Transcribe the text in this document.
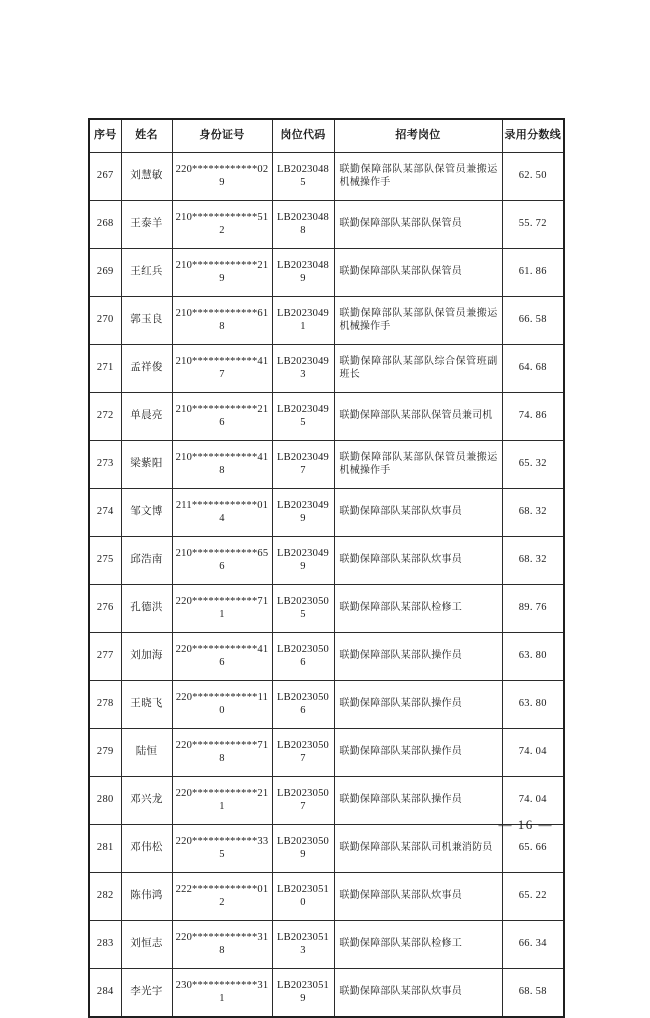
序号	姓名	身份证号	岗位代码	招考岗位	录用分数线
267	刘慧敏	220************029	LB20230485	联勤保障部队某部队保管员兼搬运机械操作手	62. 50
268	王泰羊	210************512	LB20230488	联勤保障部队某部队保管员	55. 72
269	王红兵	210************219	LB20230489	联勤保障部队某部队保管员	61. 86
270	郭玉良	210************618	LB20230491	联勤保障部队某部队保管员兼搬运机械操作手	66. 58
271	孟祥俊	210************417	LB20230493	联勤保障部队某部队综合保管班副班长	64. 68
272	单晨亮	210************216	LB20230495	联勤保障部队某部队保管员兼司机	74. 86
273	梁紫阳	210************418	LB20230497	联勤保障部队某部队保管员兼搬运机械操作手	65. 32
274	邹文博	211************014	LB20230499	联勤保障部队某部队炊事员	68. 32
275	邱浩南	210************656	LB20230499	联勤保障部队某部队炊事员	68. 32
276	孔德洪	220************711	LB20230505	联勤保障部队某部队检修工	89. 76
277	刘加海	220************416	LB20230506	联勤保障部队某部队操作员	63. 80
278	王晓飞	220************110	LB20230506	联勤保障部队某部队操作员	63. 80
279	陆恒	220************718	LB20230507	联勤保障部队某部队操作员	74. 04
280	邓兴龙	220************211	LB20230507	联勤保障部队某部队操作员	74. 04
281	邓伟松	220************335	LB20230509	联勤保障部队某部队司机兼消防员	65. 66
282	陈伟鸿	222************012	LB20230510	联勤保障部队某部队炊事员	65. 22
283	刘恒志	220************318	LB20230513	联勤保障部队某部队检修工	66. 34
284	李光宇	230************311	LB20230519	联勤保障部队某部队炊事员	68. 58
— 16 —
